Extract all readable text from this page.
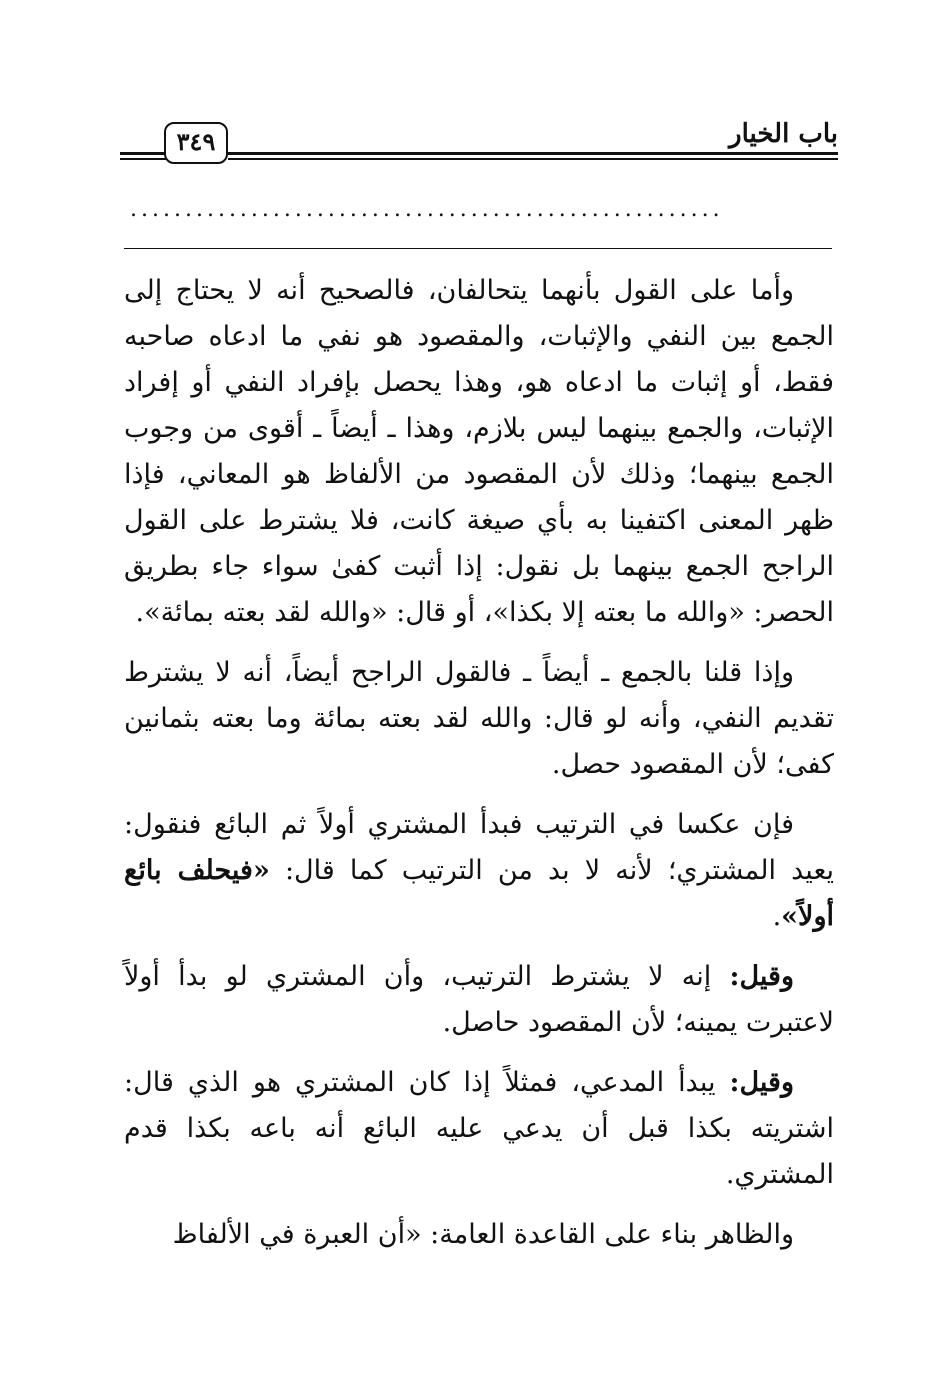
باب الخيار
٣٤٩
......................................................

وأما على القول بأنهما يتحالفان، فالصحيح أنه لا يحتاج إلى الجمع بين النفي والإثبات، والمقصود هو نفي ما ادعاه صاحبه فقط، أو إثبات ما ادعاه هو، وهذا يحصل بإفراد النفي أو إفراد الإثبات، والجمع بينهما ليس بلازم، وهذا ـ أيضاً ـ أقوى من وجوب الجمع بينهما؛ وذلك لأن المقصود من الألفاظ هو المعاني، فإذا ظهر المعنى اكتفينا به بأي صيغة كانت، فلا يشترط على القول الراجح الجمع بينهما بل نقول: إذا أثبت كفىٰ سواء جاء بطريق الحصر: «والله ما بعته إلا بكذا»، أو قال: «والله لقد بعته بمائة».

وإذا قلنا بالجمع ـ أيضاً ـ فالقول الراجح أيضاً، أنه لا يشترط تقديم النفي، وأنه لو قال: والله لقد بعته بمائة وما بعته بثمانين كفى؛ لأن المقصود حصل.

فإن عكسا في الترتيب فبدأ المشتري أولاً ثم البائع فنقول: يعيد المشتري؛ لأنه لا بد من الترتيب كما قال: «فيحلف بائع أولاً».

وقيل: إنه لا يشترط الترتيب، وأن المشتري لو بدأ أولاً لاعتبرت يمينه؛ لأن المقصود حاصل.

وقيل: يبدأ المدعي، فمثلاً إذا كان المشتري هو الذي قال: اشتريته بكذا قبل أن يدعي عليه البائع أنه باعه بكذا قدم المشتري.

والظاهر بناء على القاعدة العامة: «أن العبرة في الألفاظ
